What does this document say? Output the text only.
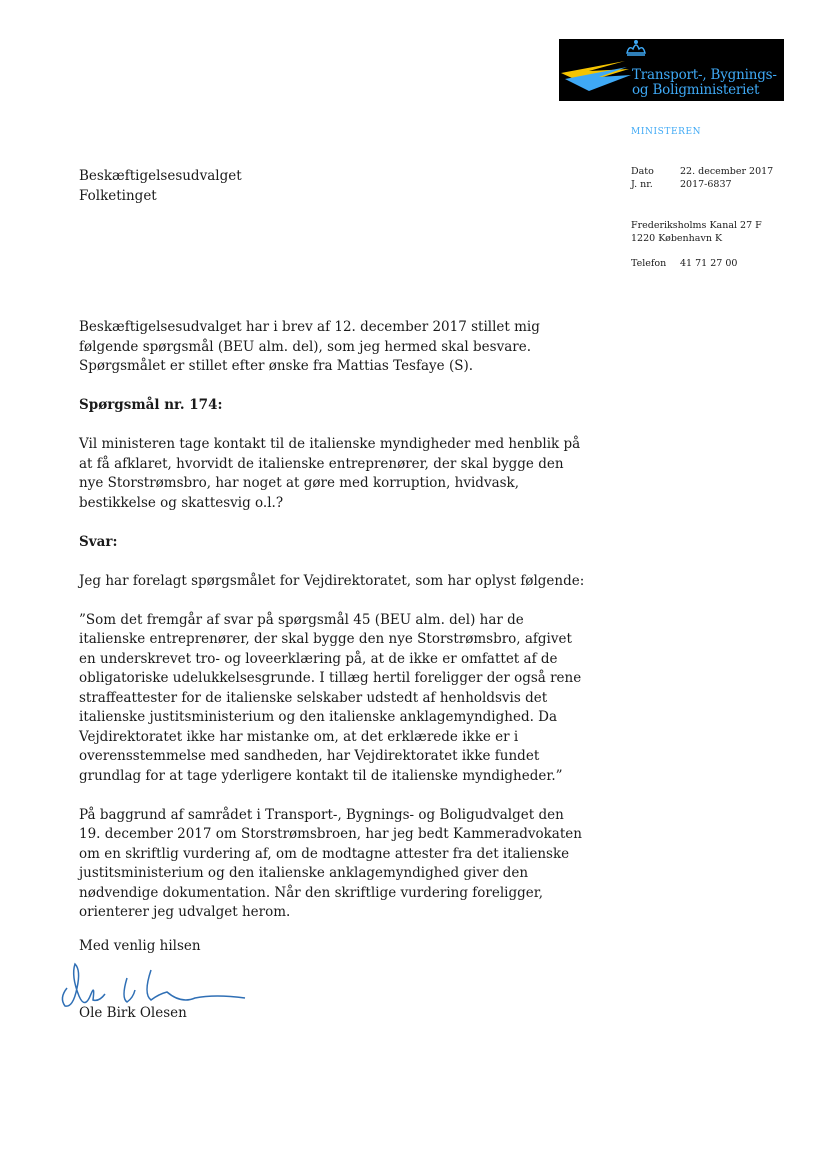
Transport-, Bygnings-
og Boligministeriet
MINISTEREN
Dato	22. december 2017
J. nr.	2017-6837
Frederiksholms Kanal 27 F
1220 København K
Telefon 41 71 27 00
Beskæftigelsesudvalget
Folketinget

Beskæftigelsesudvalget har i brev af 12. december 2017 stillet mig følgende spørgsmål (BEU alm. del), som jeg hermed skal besvare. Spørgsmålet er stillet efter ønske fra Mattias Tesfaye (S).

Spørgsmål nr. 174:

Vil ministeren tage kontakt til de italienske myndigheder med henblik på at få afklaret, hvorvidt de italienske entreprenører, der skal bygge den nye Storstrømsbro, har noget at gøre med korruption, hvidvask, bestikkelse og skattesvig o.l.?

Svar:

Jeg har forelagt spørgsmålet for Vejdirektoratet, som har oplyst følgende:

”Som det fremgår af svar på spørgsmål 45 (BEU alm. del) har de italienske entreprenører, der skal bygge den nye Storstrømsbro, afgivet en underskrevet tro- og loveerklæring på, at de ikke er omfattet af de obligatoriske udelukkelsesgrunde. I tillæg hertil foreligger der også rene straffeattester for de italienske selskaber udstedt af henholdsvis det italienske justitsministerium og den italienske anklagemyndighed. Da Vejdirektoratet ikke har mistanke om, at det erklærede ikke er i overensstemmelse med sandheden, har Vejdirektoratet ikke fundet grundlag for at tage yderligere kontakt til de italienske myndigheder.”

På baggrund af samrådet i Transport-, Bygnings- og Boligudvalget den 19. december 2017 om Storstrømsbroen, har jeg bedt Kammeradvokaten om en skriftlig vurdering af, om de modtagne attester fra det italienske justitsministerium og den italienske anklagemyndighed giver den nødvendige dokumentation. Når den skriftlige vurdering foreligger, orienterer jeg udvalget herom.

Med venlig hilsen
Ole Birk Olesen
